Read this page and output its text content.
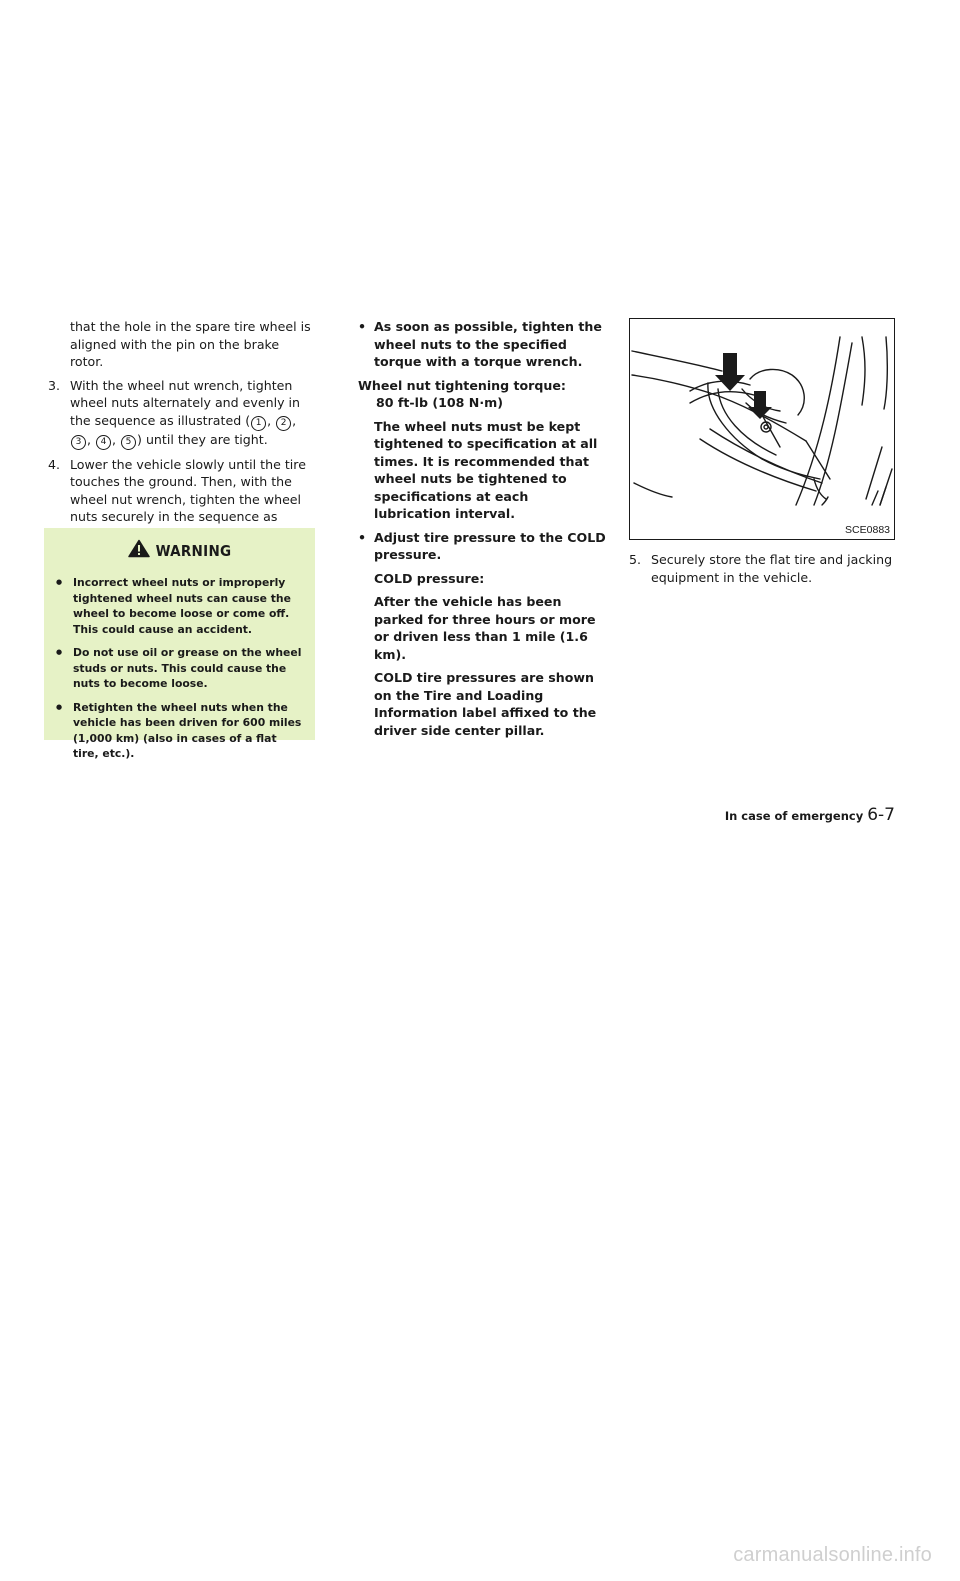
that the hole in the spare tire wheel is aligned with the pin on the brake rotor.

3. With the wheel nut wrench, tighten wheel nuts alternately and evenly in the sequence as illustrated ( 1 , 2 , 3 , 4 , 5 ) until they are tight.

4. Lower the vehicle slowly until the tire touches the ground. Then, with the wheel nut wrench, tighten the wheel nuts securely in the sequence as

WARNING
● Incorrect wheel nuts or improperly tightened wheel nuts can cause the wheel to become loose or come off. This could cause an accident.
● Do not use oil or grease on the wheel studs or nuts. This could cause the nuts to become loose.
● Retighten the wheel nuts when the vehicle has been driven for 600 miles (1,000 km) (also in cases of a flat tire, etc.).

• As soon as possible, tighten the wheel nuts to the specified torque with a torque wrench.

Wheel nut tightening torque:

80 ft-lb (108 N·m)

The wheel nuts must be kept tightened to specification at all times. It is recommended that wheel nuts be tightened to specifications at each lubrication interval.

• Adjust tire pressure to the COLD pressure.

COLD pressure:

After the vehicle has been parked for three hours or more or driven less than 1 mile (1.6 km).

COLD tire pressures are shown on the Tire and Loading Information label affixed to the driver side center pillar.

SCE0883

5. Securely store the flat tire and jacking equipment in the vehicle.

In case of emergency 6-7
carmanualsonline.info
